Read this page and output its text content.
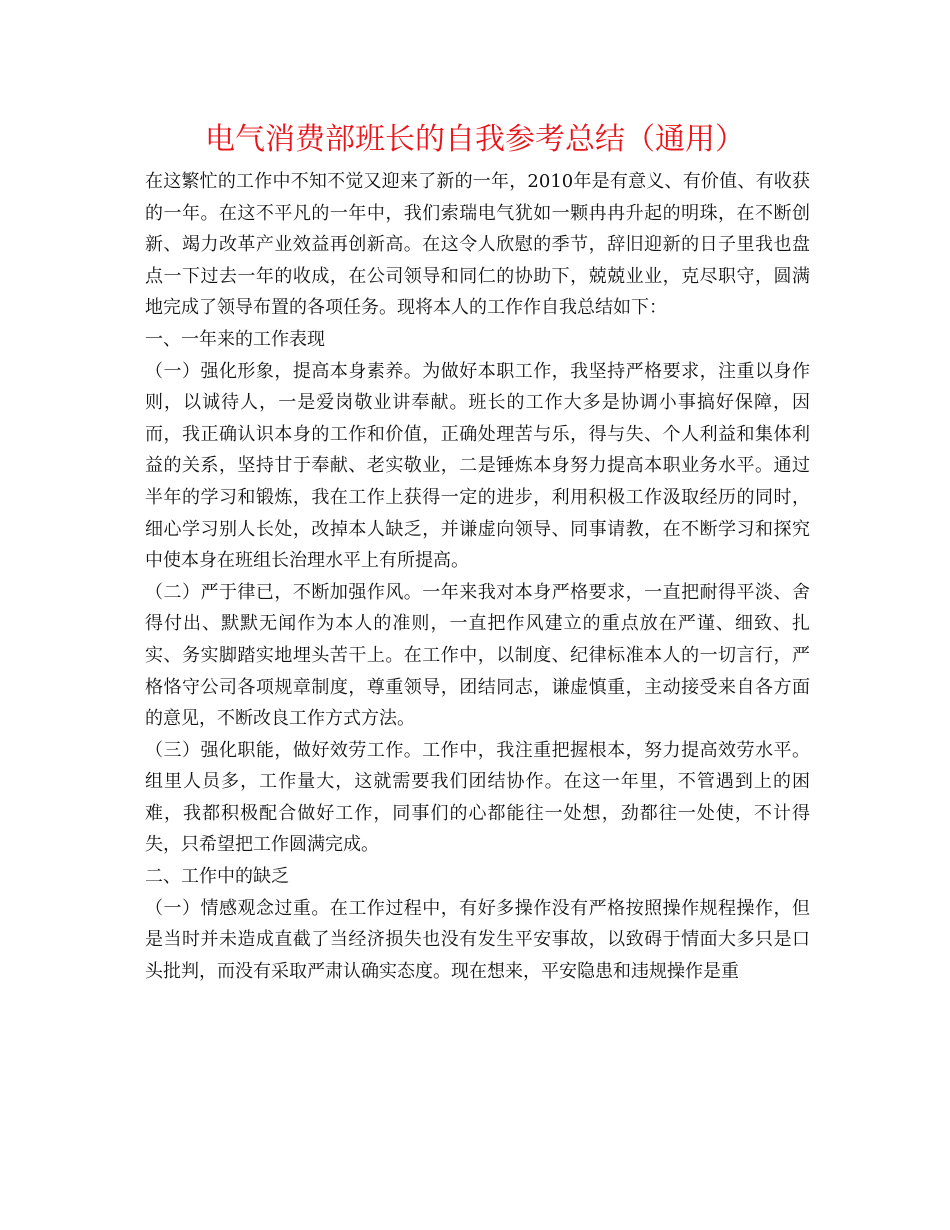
电气消费部班长的自我参考总结（通用）

在这繁忙的工作中不知不觉又迎来了新的一年，2010年是有意义、有价值、有收获的一年。在这不平凡的一年中，我们索瑞电气犹如一颗冉冉升起的明珠，在不断创新、竭力改革产业效益再创新高。在这令人欣慰的季节，辞旧迎新的日子里我也盘点一下过去一年的收成，在公司领导和同仁的协助下，兢兢业业，克尽职守，圆满地完成了领导布置的各项任务。现将本人的工作作自我总结如下：

一、一年来的工作表现

（一）强化形象，提高本身素养。为做好本职工作，我坚持严格要求，注重以身作则，以诚待人，一是爱岗敬业讲奉献。班长的工作大多是协调小事搞好保障，因而，我正确认识本身的工作和价值，正确处理苦与乐，得与失、个人利益和集体利益的关系，坚持甘于奉献、老实敬业，二是锤炼本身努力提高本职业务水平。通过半年的学习和锻炼，我在工作上获得一定的进步，利用积极工作汲取经历的同时，细心学习别人长处，改掉本人缺乏，并谦虚向领导、同事请教，在不断学习和探究中使本身在班组长治理水平上有所提高。

（二）严于律已，不断加强作风。一年来我对本身严格要求，一直把耐得平淡、舍得付出、默默无闻作为本人的准则，一直把作风建立的重点放在严谨、细致、扎实、务实脚踏实地埋头苦干上。在工作中，以制度、纪律标准本人的一切言行，严格恪守公司各项规章制度，尊重领导，团结同志，谦虚慎重，主动接受来自各方面的意见，不断改良工作方式方法。

（三）强化职能，做好效劳工作。工作中，我注重把握根本，努力提高效劳水平。组里人员多，工作量大，这就需要我们团结协作。在这一年里，不管遇到上的困难，我都积极配合做好工作，同事们的心都能往一处想，劲都往一处使，不计得失，只希望把工作圆满完成。

二、工作中的缺乏

（一）情感观念过重。在工作过程中，有好多操作没有严格按照操作规程操作，但是当时并未造成直截了当经济损失也没有发生平安事故，以致碍于情面大多只是口头批判，而没有采取严肃认确实态度。现在想来，平安隐患和违规操作是重
